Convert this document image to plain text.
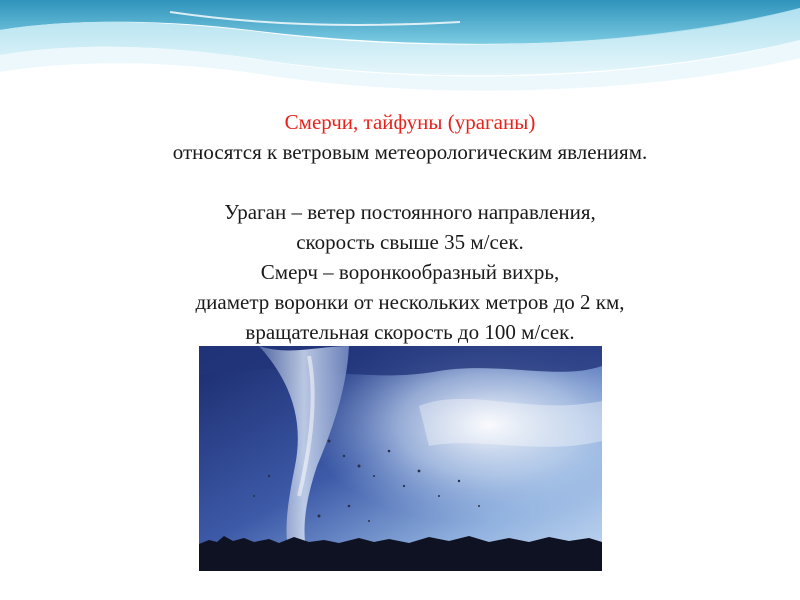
Смерчи, тайфуны (ураганы)
относятся к ветровым метеорологическим явлениям.
Ураган – ветер постоянного направления,
скорость свыше 35 м/сек.
Смерч – воронкообразный вихрь,
диаметр воронки от нескольких метров до 2 км,
вращательная скорость до 100 м/сек.
